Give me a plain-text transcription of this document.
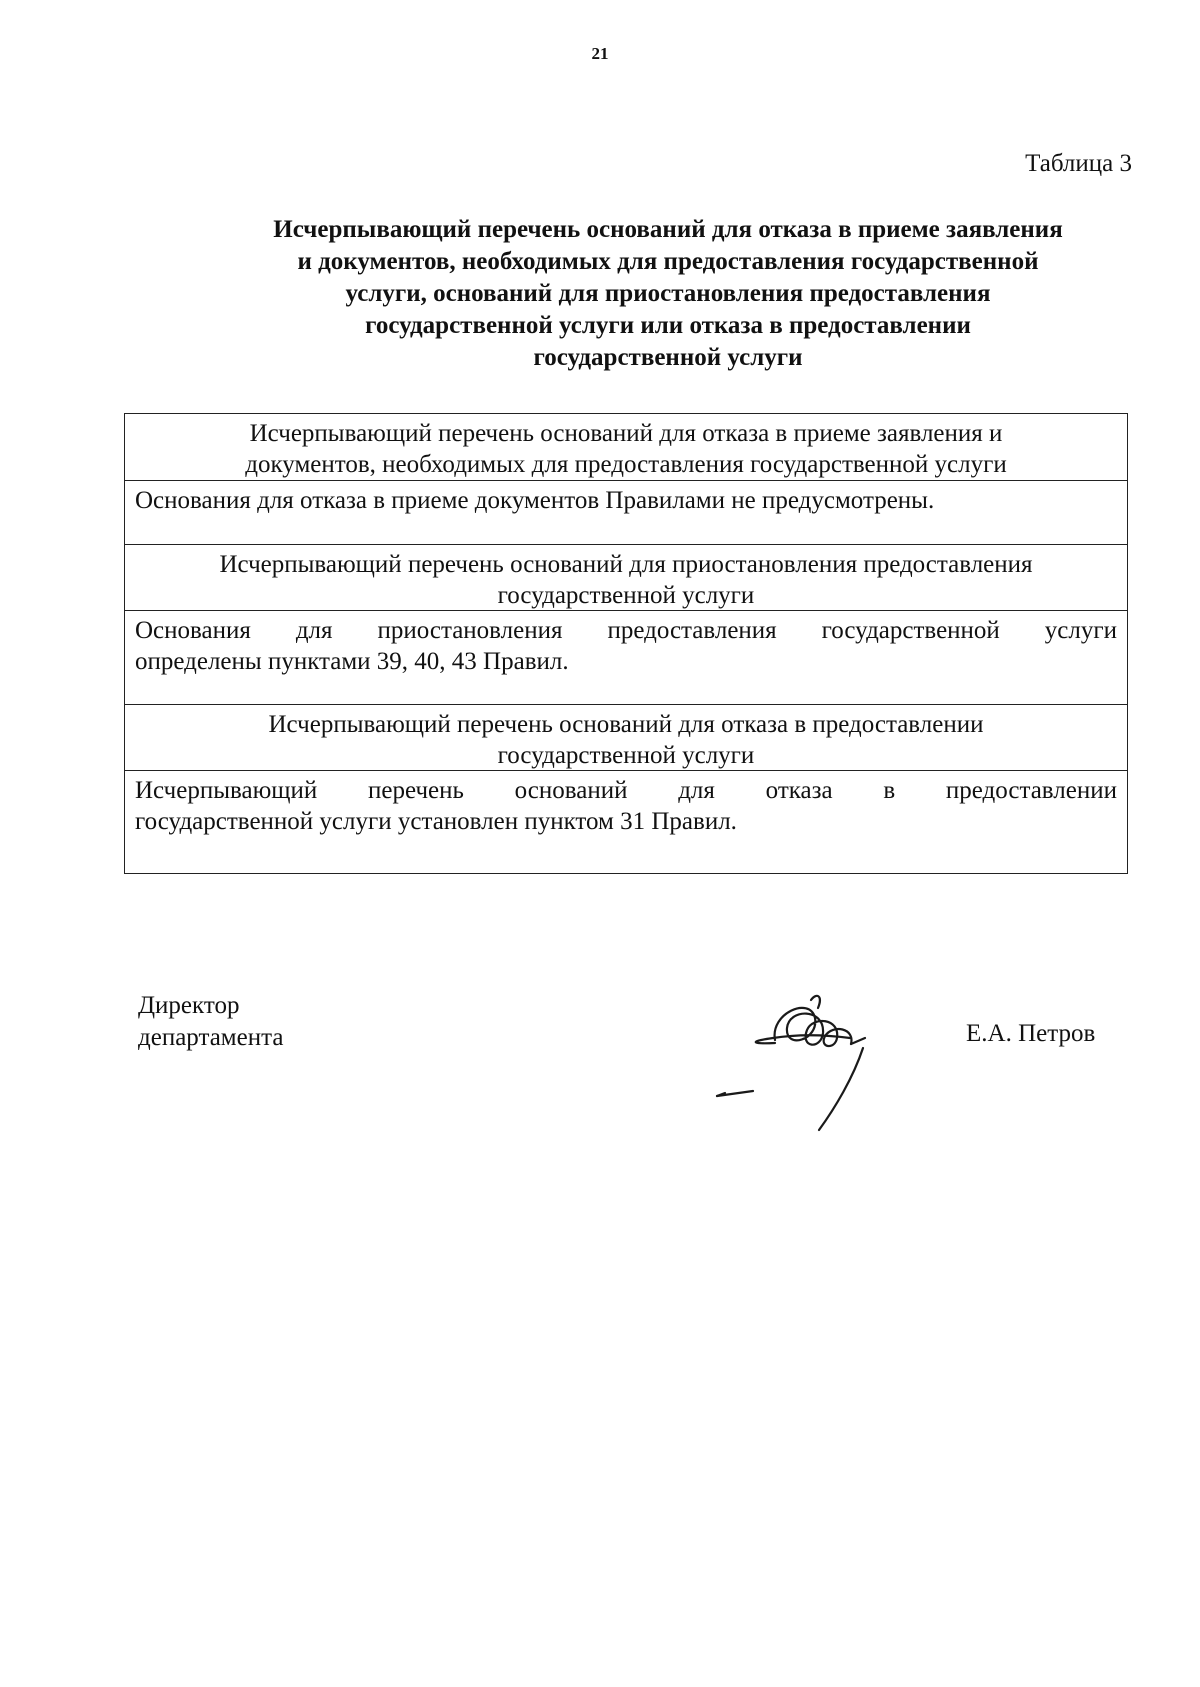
21
Таблица 3
Исчерпывающий перечень оснований для отказа в приеме заявления
и документов, необходимых для предоставления государственной
услуги, оснований для приостановления предоставления
государственной услуги или отказа в предоставлении
государственной услуги
Исчерпывающий перечень оснований для отказа в приеме заявления и
документов, необходимых для предоставления государственной услуги
Основания для отказа в приеме документов Правилами не предусмотрены.
Исчерпывающий перечень оснований для приостановления предоставления
государственной услуги
Основания для приостановления предоставления государственной услуги
определены пунктами 39, 40, 43 Правил.
Исчерпывающий перечень оснований для отказа в предоставлении
государственной услуги
Исчерпывающий перечень оснований для отказа в предоставлении
государственной услуги установлен пунктом 31 Правил.
Директор
департамента	Е.А. Петров
